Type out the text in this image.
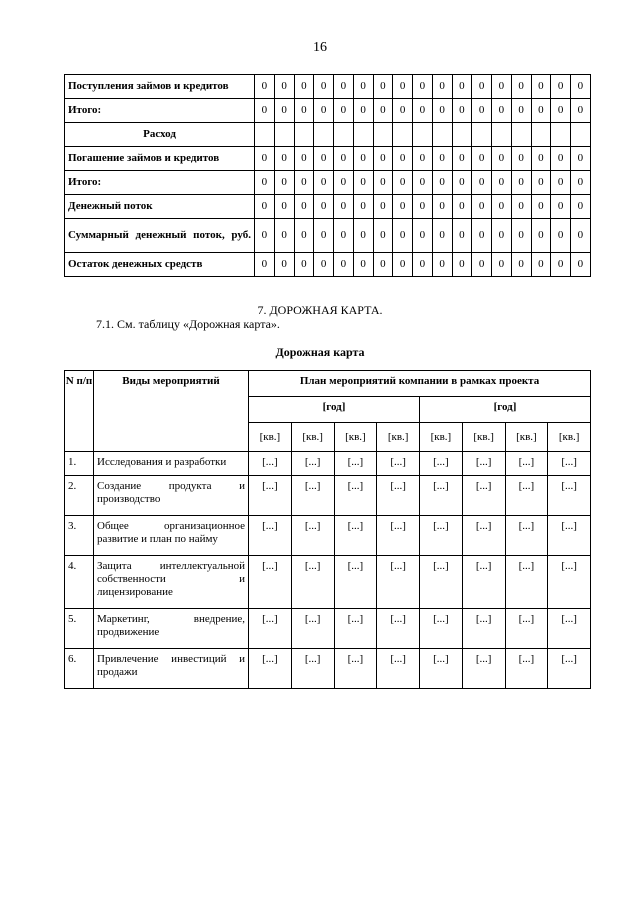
16
Поступления займов и кредитов	0	0	0	0	0	0	0	0	0	0	0	0	0	0	0	0	0
Итого:	0	0	0	0	0	0	0	0	0	0	0	0	0	0	0	0	0
Расход																	
Погашение займов и кредитов	0	0	0	0	0	0	0	0	0	0	0	0	0	0	0	0	0
Итого:	0	0	0	0	0	0	0	0	0	0	0	0	0	0	0	0	0
Денежный поток	0	0	0	0	0	0	0	0	0	0	0	0	0	0	0	0	0
Суммарный денежный поток, руб.	0	0	0	0	0	0	0	0	0	0	0	0	0	0	0	0	0
Остаток денежных средств	0	0	0	0	0	0	0	0	0	0	0	0	0	0	0	0	0
7. ДОРОЖНАЯ КАРТА.
7.1. См. таблицу «Дорожная карта».
Дорожная карта
N п/п	Виды мероприятий	План мероприятий компании в рамках проекта							
		[год]				[год]			
		[кв.]	[кв.]	[кв.]	[кв.]	[кв.]	[кв.]	[кв.]	[кв.]
1.	Исследования и разработки	[...]	[...]	[...]	[...]	[...]	[...]	[...]	[...]
2.	Создание продукта и производство	[...]	[...]	[...]	[...]	[...]	[...]	[...]	[...]
3.	Общее организационное развитие и план по найму	[...]	[...]	[...]	[...]	[...]	[...]	[...]	[...]
4.	Защита интеллектуальной собственности и лицензирование	[...]	[...]	[...]	[...]	[...]	[...]	[...]	[...]
5.	Маркетинг, внедрение, продвижение	[...]	[...]	[...]	[...]	[...]	[...]	[...]	[...]
6.	Привлечение инвестиций и продажи	[...]	[...]	[...]	[...]	[...]	[...]	[...]	[...]
